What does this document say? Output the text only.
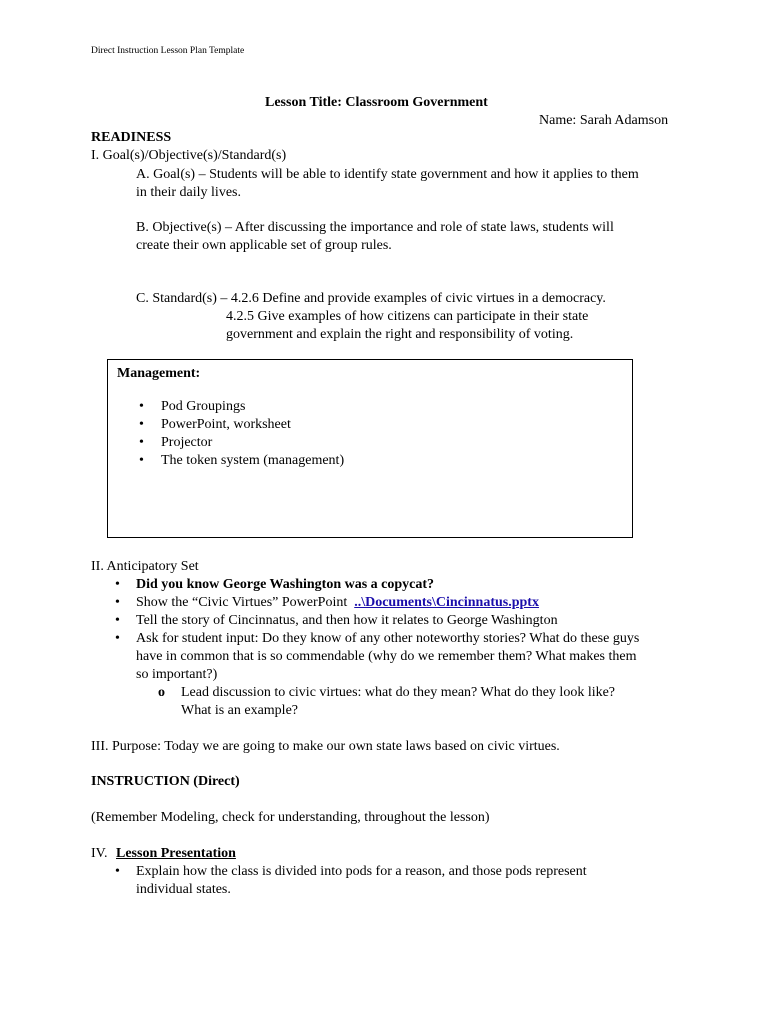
Direct Instruction Lesson Plan Template
Lesson Title: Classroom Government
Name: Sarah Adamson
READINESS
I. Goal(s)/Objective(s)/Standard(s)
A. Goal(s) – Students will be able to identify state government and how it applies to them
in their daily lives.
B. Objective(s) – After discussing the importance and role of state laws, students will
create their own applicable set of group rules.
C. Standard(s) – 4.2.6 Define and provide examples of civic virtues in a democracy.
4.2.5 Give examples of how citizens can participate in their state
government and explain the right and responsibility of voting.
Management:
• Pod Groupings
• PowerPoint, worksheet
• Projector
• The token system (management)
II. Anticipatory Set
• Did you know George Washington was a copycat?
• Show the “Civic Virtues” PowerPoint ..\Documents\Cincinnatus.pptx
• Tell the story of Cincinnatus, and then how it relates to George Washington
• Ask for student input: Do they know of any other noteworthy stories? What do these guys
have in common that is so commendable (why do we remember them? What makes them
so important?)
o Lead discussion to civic virtues: what do they mean? What do they look like?
What is an example?
III. Purpose: Today we are going to make our own state laws based on civic virtues.
INSTRUCTION (Direct)
(Remember Modeling, check for understanding, throughout the lesson)
IV. Lesson Presentation
• Explain how the class is divided into pods for a reason, and those pods represent
individual states.
